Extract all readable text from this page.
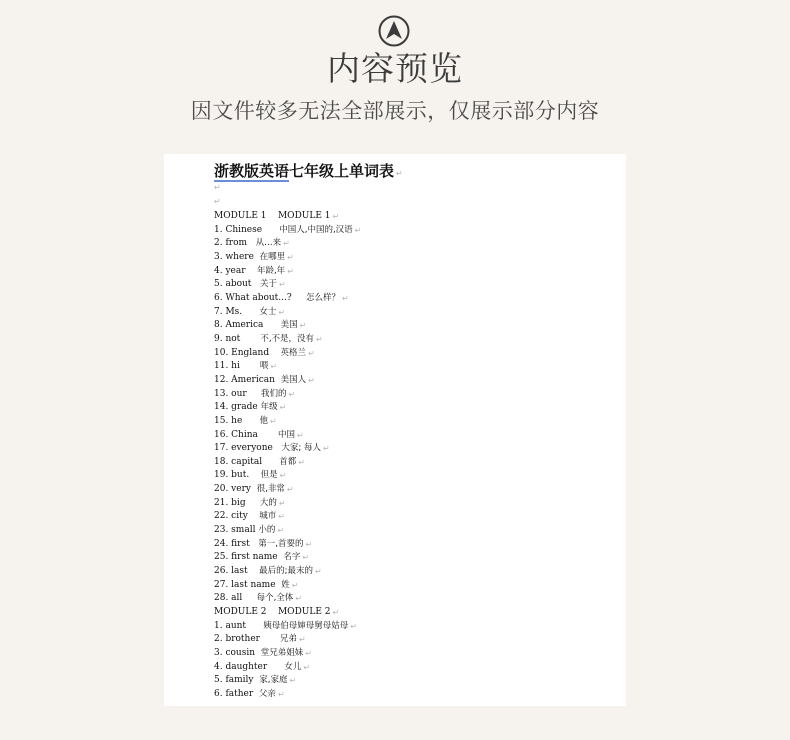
内容预览
因文件较多无法全部展示，仅展示部分内容
浙教版英语七年级上单词表 ↵
↵
↵
MODULE 1    MODULE 1 ↵
1. Chinese 中国人,中国的,汉语 ↵
2. from 从…来 ↵
3. where 在哪里 ↵
4. year 年龄,年 ↵
5. about 关于 ↵
6. What about...? 怎么样？ ↵
7. Ms. 女士 ↵
8. America 美国 ↵
9. not 不,不是，没有 ↵
10. England 英格兰 ↵
11. hi 喂 ↵
12. American 美国人 ↵
13. our 我们的 ↵
14. grade 年级 ↵
15. he 他 ↵
16. China 中国 ↵
17. everyone 大家; 每人 ↵
18. capital 首都 ↵
19. but. 但是 ↵
20. very 很,非常 ↵
21. big 大的 ↵
22. city 城市 ↵
23. small 小的 ↵
24. first 第一,首要的 ↵
25. first name 名字 ↵
26. last 最后的;最末的 ↵
27. last name 姓 ↵
28. all 每个,全体 ↵
MODULE 2    MODULE 2 ↵
1. aunt 姨母伯母婶母舅母姑母 ↵
2. brother 兄弟 ↵
3. cousin 堂兄弟姐妹 ↵
4. daughter 女儿 ↵
5. family 家,家庭 ↵
6. father 父亲 ↵
